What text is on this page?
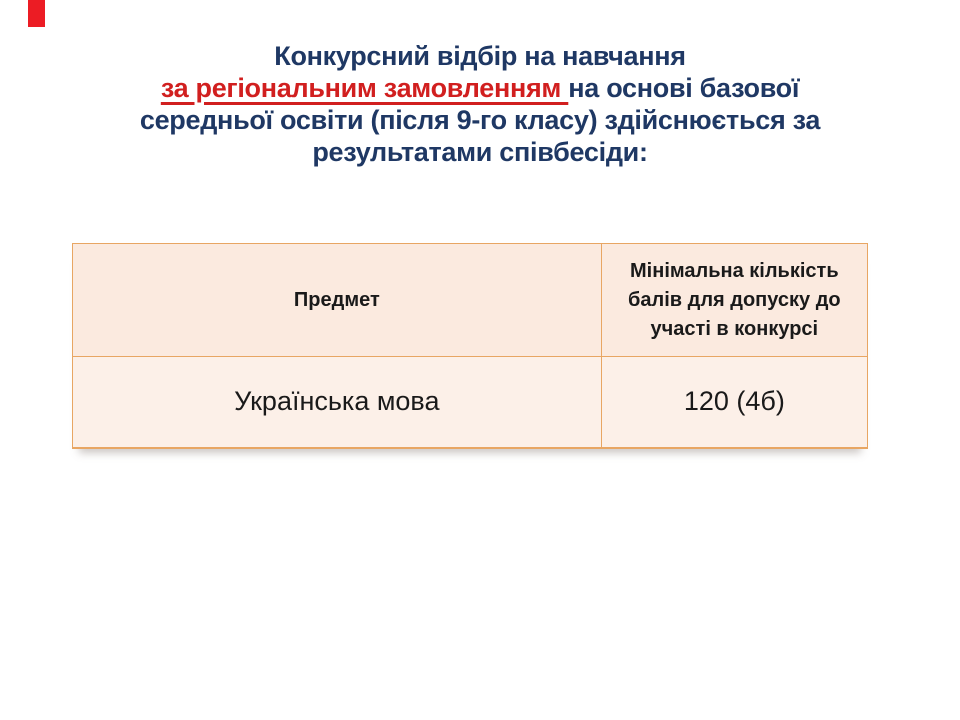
Конкурсний відбір на навчання
за регіональним замовленням на основі базової
середньої освіти (після 9-го класу) здійснюється за
результатами співбесіди:
Предмет	Мінімальна кількість балів для допуску до участі в конкурсі
Українська мова	120 (4б)
